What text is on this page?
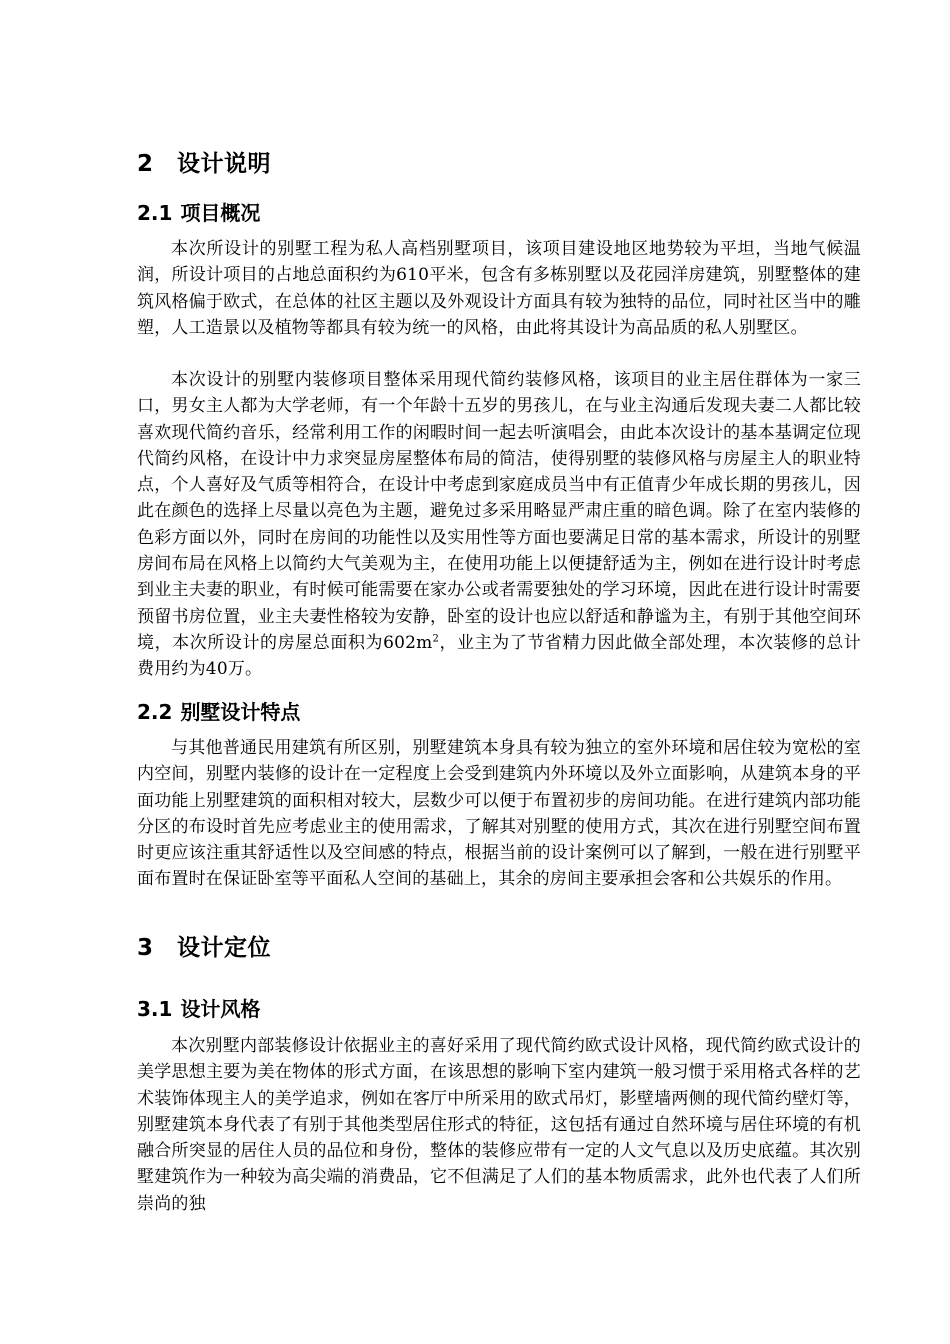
2 设计说明
2.1 项目概况

本次所设计的别墅工程为私人高档别墅项目，该项目建设地区地势较为平坦，当地气候温润，所设计项目的占地总面积约为610平米，包含有多栋别墅以及花园洋房建筑，别墅整体的建筑风格偏于欧式，在总体的社区主题以及外观设计方面具有较为独特的品位，同时社区当中的雕塑，人工造景以及植物等都具有较为统一的风格，由此将其设计为高品质的私人别墅区。

本次设计的别墅内装修项目整体采用现代简约装修风格，该项目的业主居住群体为一家三口，男女主人都为大学老师，有一个年龄十五岁的男孩儿，在与业主沟通后发现夫妻二人都比较喜欢现代简约音乐，经常利用工作的闲暇时间一起去听演唱会，由此本次设计的基本基调定位现代简约风格，在设计中力求突显房屋整体布局的简洁，使得别墅的装修风格与房屋主人的职业特点，个人喜好及气质等相符合，在设计中考虑到家庭成员当中有正值青少年成长期的男孩儿，因此在颜色的选择上尽量以亮色为主题，避免过多采用略显严肃庄重的暗色调。除了在室内装修的色彩方面以外，同时在房间的功能性以及实用性等方面也要满足日常的基本需求，所设计的别墅房间布局在风格上以简约大气美观为主，在使用功能上以便捷舒适为主，例如在进行设计时考虑到业主夫妻的职业，有时候可能需要在家办公或者需要独处的学习环境，因此在进行设计时需要预留书房位置，业主夫妻性格较为安静，卧室的设计也应以舒适和静谧为主，有别于其他空间环境，本次所设计的房屋总面积为$602m^2$，业主为了节省精力因此做全部处理，本次装修的总计费用约为40万。

2.2 别墅设计特点

与其他普通民用建筑有所区别，别墅建筑本身具有较为独立的室外环境和居住较为宽松的室内空间，别墅内装修的设计在一定程度上会受到建筑内外环境以及外立面影响，从建筑本身的平面功能上别墅建筑的面积相对较大，层数少可以便于布置初步的房间功能。在进行建筑内部功能分区的布设时首先应考虑业主的使用需求，了解其对别墅的使用方式，其次在进行别墅空间布置时更应该注重其舒适性以及空间感的特点，根据当前的设计案例可以了解到，一般在进行别墅平面布置时在保证卧室等平面私人空间的基础上，其余的房间主要承担会客和公共娱乐的作用。

3 设计定位
3.1 设计风格

本次别墅内部装修设计依据业主的喜好采用了现代简约欧式设计风格，现代简约欧式设计的美学思想主要为美在物体的形式方面，在该思想的影响下室内建筑一般习惯于采用格式各样的艺术装饰体现主人的美学追求，例如在客厅中所采用的欧式吊灯，影壁墙两侧的现代简约壁灯等，别墅建筑本身代表了有别于其他类型居住形式的特征，这包括有通过自然环境与居住环境的有机融合所突显的居住人员的品位和身份，整体的装修应带有一定的人文气息以及历史底蕴。其次别墅建筑作为一种较为高尖端的消费品，它不但满足了人们的基本物质需求，此外也代表了人们所崇尚的独
